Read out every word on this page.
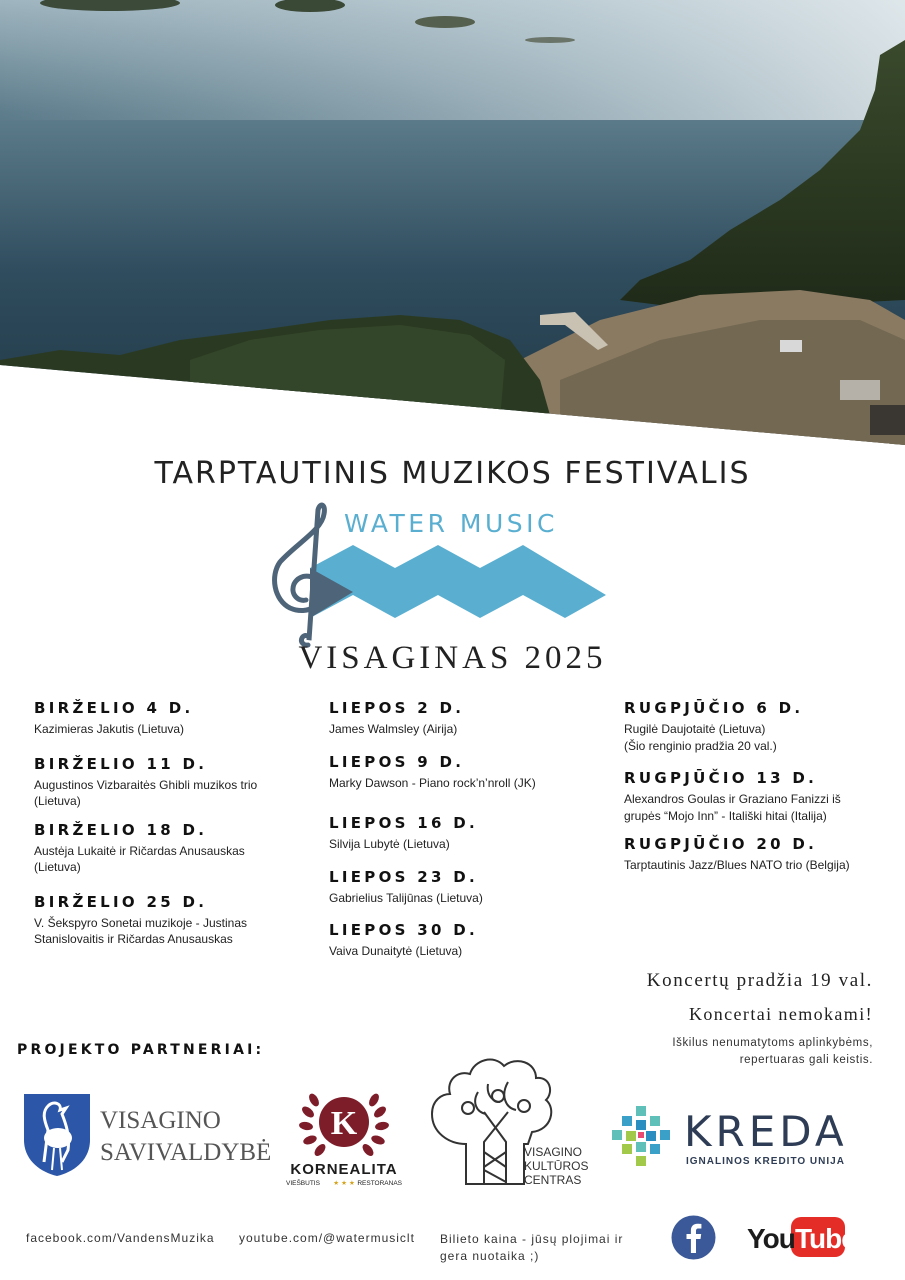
TARPTAUTINIS MUZIKOS FESTIVALIS
WATER MUSIC
VISAGINAS 2025
BIRŽELIO 4 D.
Kazimieras Jakutis (Lietuva)
BIRŽELIO 11 D.
Augustinos Vizbaraitės Ghibli muzikos trio
(Lietuva)
BIRŽELIO 18 D.
Austėja Lukaitė ir Ričardas Anusauskas
(Lietuva)
BIRŽELIO 25 D.
V. Šekspyro Sonetai muzikoje - Justinas
Stanislovaitis ir Ričardas Anusauskas
LIEPOS 2 D.
James Walmsley (Airija)
LIEPOS 9 D.
Marky Dawson - Piano rock’n’nroll (JK)
LIEPOS 16 D.
Silvija Lubytė (Lietuva)
LIEPOS 23 D.
Gabrielius Talijūnas (Lietuva)
LIEPOS 30 D.
Vaiva Dunaitytė (Lietuva)
RUGPJŪČIO 6 D.
Rugilė Daujotaitė (Lietuva)
(Šio renginio pradžia 20 val.)
RUGPJŪČIO 13 D.
Alexandros Goulas ir Graziano Fanizzi iš
grupės “Mojo Inn” - Itališki hitai (Italija)
RUGPJŪČIO 20 D.
Tarptautinis Jazz/Blues NATO trio (Belgija)
Koncertų pradžia 19 val.
Koncertai nemokami!
Iškilus nenumatytoms aplinkybėms,
repertuaras gali keistis.
PROJEKTO PARTNERIAI:
VISAGINO
SAVIVALDYBĖ
K
KORNEALITA
VIEŠBUTIS ★ ★ ★ RESTORANAS
VISAGINO
KULTŪROS
CENTRAS
KREDA
IGNALINOS KREDITO UNIJA
facebook.com/VandensMuzika youtube.com/@watermusiclt Bilieto kaina - jūsų plojimai ir
gera nuotaika ;)
You Tube
